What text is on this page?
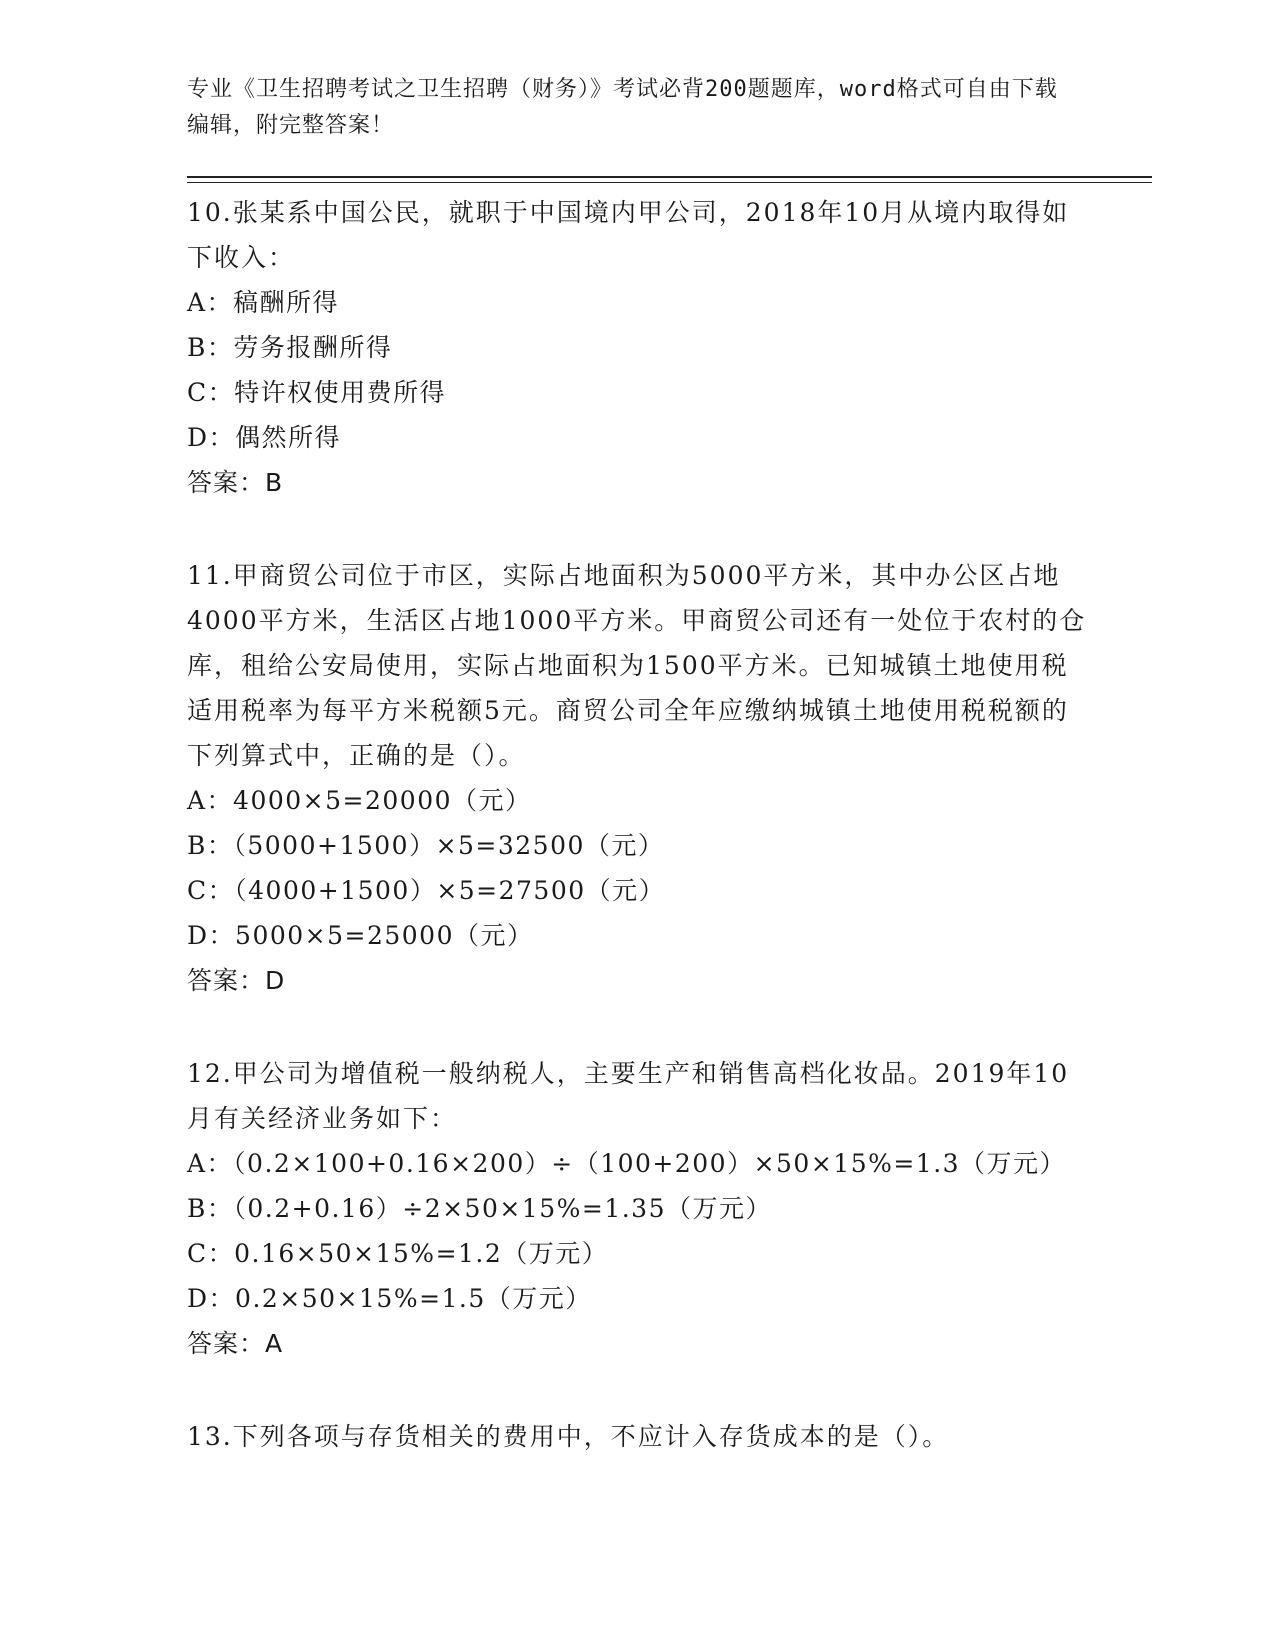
专业《卫生招聘考试之卫生招聘（财务）》考试必背200题题库，word格式可自由下载编辑，附完整答案！

10.张某系中国公民，就职于中国境内甲公司，2018年10月从境内取得如下收入：

A：稿酬所得

B：劳务报酬所得

C：特许权使用费所得

D：偶然所得

答案：B

11.甲商贸公司位于市区，实际占地面积为5000平方米，其中办公区占地4000平方米，生活区占地1000平方米。甲商贸公司还有一处位于农村的仓库，租给公安局使用，实际占地面积为1500平方米。已知城镇土地使用税适用税率为每平方米税额5元。商贸公司全年应缴纳城镇土地使用税税额的下列算式中，正确的是（）。

A：4000×5=20000（元）

B：（5000+1500）×5=32500（元）

C：（4000+1500）×5=27500（元）

D：5000×5=25000（元）

答案：D

12.甲公司为增值税一般纳税人，主要生产和销售高档化妆品。2019年10月有关经济业务如下：

A：（0.2×100+0.16×200）÷（100+200）×50×15%=1.3（万元）

B：（0.2+0.16）÷2×50×15%=1.35（万元）

C：0.16×50×15%=1.2（万元）

D：0.2×50×15%=1.5（万元）

答案：A

13.下列各项与存货相关的费用中，不应计入存货成本的是（）。
